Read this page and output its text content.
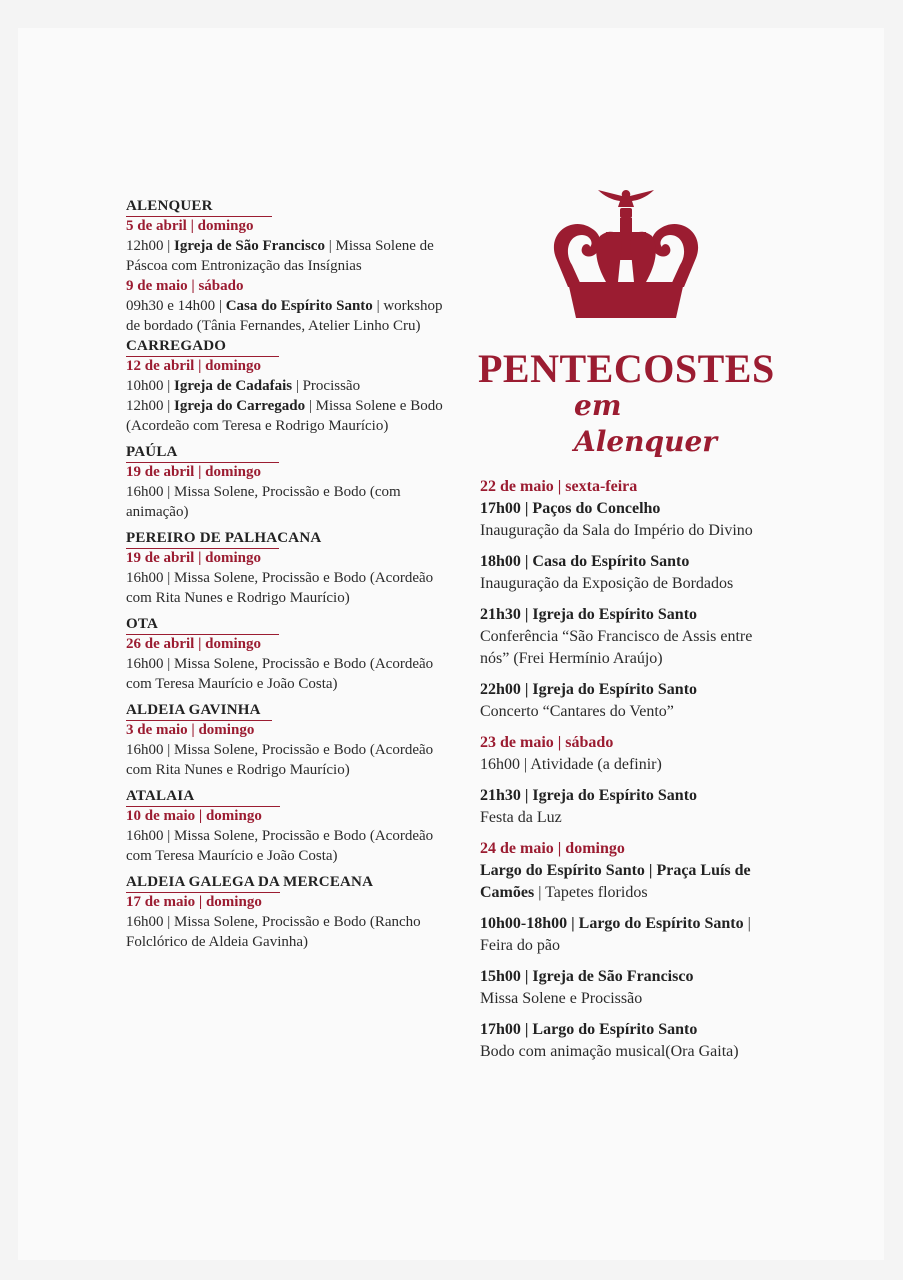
ALENQUER
5 de abril | domingo

12h00 | Igreja de São Francisco | Missa Solene de Páscoa com Entronização das Insígnias

9 de maio | sábado

09h30 e 14h00 | Casa do Espírito Santo | workshop de bordado (Tânia Fernandes, Atelier Linho Cru)

CARREGADO
12 de abril | domingo

10h00 | Igreja de Cadafais | Procissão

12h00 | Igreja do Carregado | Missa Solene e Bodo (Acordeão com Teresa e Rodrigo Maurício)

PAÚLA
19 de abril | domingo

16h00 | Missa Solene, Procissão e Bodo (com animação)

PEREIRO DE PALHACANA
19 de abril | domingo

16h00 | Missa Solene, Procissão e Bodo (Acordeão com Rita Nunes e Rodrigo Maurício)

OTA
26 de abril | domingo

16h00 | Missa Solene, Procissão e Bodo (Acordeão com Teresa Maurício e João Costa)

ALDEIA GAVINHA
3 de maio | domingo

16h00 | Missa Solene, Procissão e Bodo (Acordeão com Rita Nunes e Rodrigo Maurício)

ATALAIA
10 de maio | domingo

16h00 | Missa Solene, Procissão e Bodo (Acordeão com Teresa Maurício e João Costa)

ALDEIA GALEGA DA MERCEANA
17 de maio | domingo

16h00 | Missa Solene, Procissão e Bodo (Rancho Folclórico de Aldeia Gavinha)

PENTECOSTES
em Alenquer
22 de maio | sexta-feira
17h00 | Paços do Concelho
Inauguração da Sala do Império do Divino
18h00 | Casa do Espírito Santo
Inauguração da Exposição de Bordados
21h30 | Igreja do Espírito Santo
Conferência “São Francisco de Assis entre nós” (Frei Hermínio Araújo)
22h00 | Igreja do Espírito Santo
Concerto “Cantares do Vento”
23 de maio | sábado
16h00 | Atividade (a definir)
21h30 | Igreja do Espírito Santo
Festa da Luz
24 de maio | domingo
Largo do Espírito Santo | Praça Luís de Camões | Tapetes floridos
10h00-18h00 | Largo do Espírito Santo | Feira do pão
15h00 | Igreja de São Francisco
Missa Solene e Procissão
17h00 | Largo do Espírito Santo
Bodo com animação musical(Ora Gaita)
